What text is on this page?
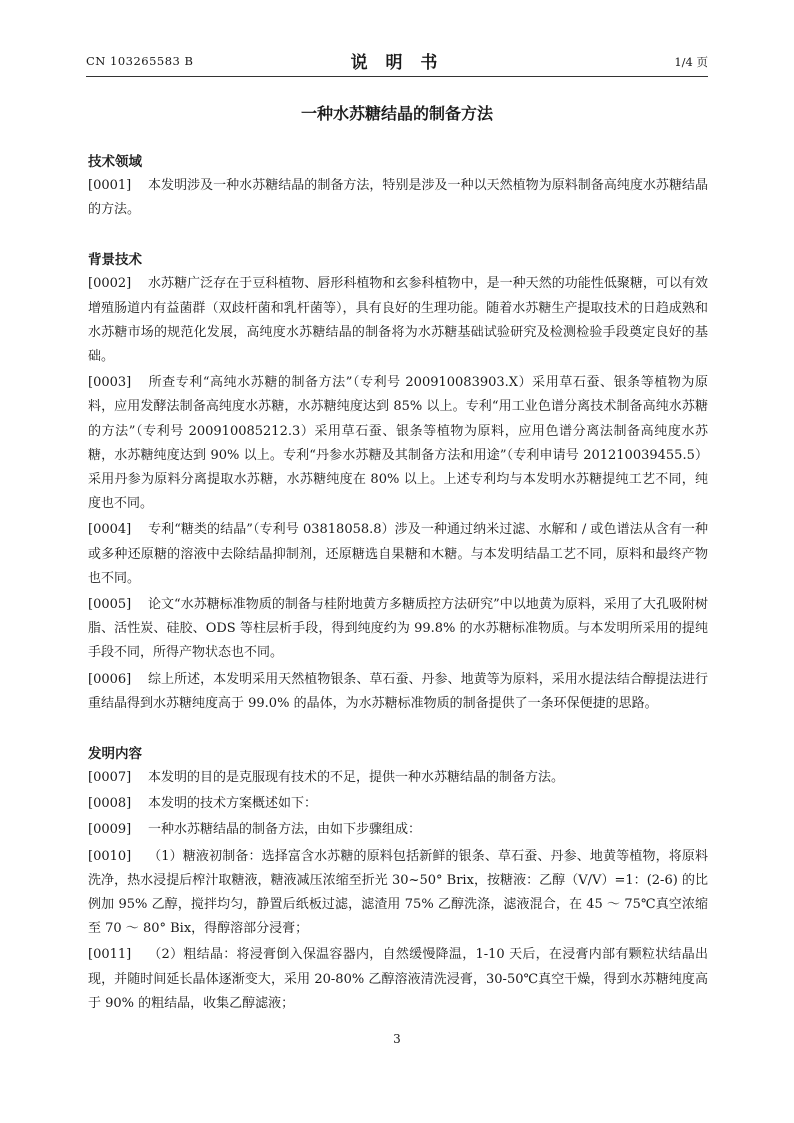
CN 103265583 B	说 明 书	1/4 页
一种水苏糖结晶的制备方法
技术领域
[0001] 本发明涉及一种水苏糖结晶的制备方法，特别是涉及一种以天然植物为原料制备高纯度水苏糖结晶的方法。
背景技术
[0002] 水苏糖广泛存在于豆科植物、唇形科植物和玄参科植物中，是一种天然的功能性低聚糖，可以有效增殖肠道内有益菌群（双歧杆菌和乳杆菌等），具有良好的生理功能。随着水苏糖生产提取技术的日趋成熟和水苏糖市场的规范化发展，高纯度水苏糖结晶的制备将为水苏糖基础试验研究及检测检验手段奠定良好的基础。
[0003] 所查专利“高纯水苏糖的制备方法”（专利号 200910083903.X）采用草石蚕、银条等植物为原料，应用发酵法制备高纯度水苏糖，水苏糖纯度达到 85% 以上。专利“用工业色谱分离技术制备高纯水苏糖的方法”（专利号 200910085212.3）采用草石蚕、银条等植物为原料，应用色谱分离法制备高纯度水苏糖，水苏糖纯度达到 90% 以上。专利“丹参水苏糖及其制备方法和用途”（专利申请号 201210039455.5）采用丹参为原料分离提取水苏糖，水苏糖纯度在 80% 以上。上述专利均与本发明水苏糖提纯工艺不同，纯度也不同。
[0004] 专利“糖类的结晶”（专利号 03818058.8）涉及一种通过纳米过滤、水解和 / 或色谱法从含有一种或多种还原糖的溶液中去除结晶抑制剂，还原糖选自果糖和木糖。与本发明结晶工艺不同，原料和最终产物也不同。
[0005] 论文“水苏糖标准物质的制备与桂附地黄方多糖质控方法研究”中以地黄为原料，采用了大孔吸附树脂、活性炭、硅胶、ODS 等柱层析手段，得到纯度约为 99.8% 的水苏糖标准物质。与本发明所采用的提纯手段不同，所得产物状态也不同。
[0006] 综上所述，本发明采用天然植物银条、草石蚕、丹参、地黄等为原料，采用水提法结合醇提法进行重结晶得到水苏糖纯度高于 99.0% 的晶体，为水苏糖标准物质的制备提供了一条环保便捷的思路。
发明内容
[0007] 本发明的目的是克服现有技术的不足，提供一种水苏糖结晶的制备方法。
[0008] 本发明的技术方案概述如下：
[0009] 一种水苏糖结晶的制备方法，由如下步骤组成：
[0010] （1）糖液初制备：选择富含水苏糖的原料包括新鲜的银条、草石蚕、丹参、地黄等植物，将原料洗净，热水浸提后榨汁取糖液，糖液减压浓缩至折光 30~50° Brix，按糖液：乙醇（V/V）=1：(2-6) 的比例加 95% 乙醇，搅拌均匀，静置后纸板过滤，滤渣用 75% 乙醇洗涤，滤液混合，在 45 ～ 75℃真空浓缩至 70 ～ 80° Bix，得醇溶部分浸膏；
[0011] （2）粗结晶：将浸膏倒入保温容器内，自然缓慢降温，1-10 天后，在浸膏内部有颗粒状结晶出现，并随时间延长晶体逐渐变大，采用 20-80% 乙醇溶液清洗浸膏，30-50℃真空干燥，得到水苏糖纯度高于 90% 的粗结晶，收集乙醇滤液；
3
